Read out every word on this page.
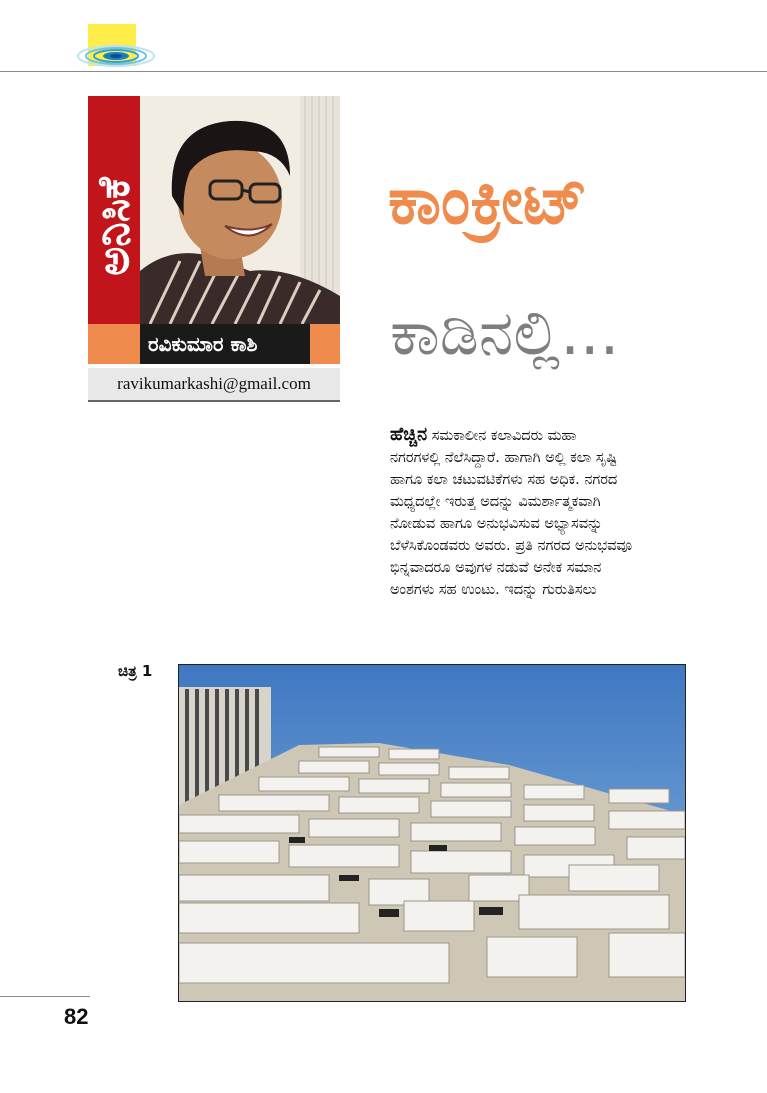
ಅನಿಸಿಕೆ
ರವಿಕುಮಾರ ಕಾಶಿ
ravikumarkashi@gmail.com
ಕಾಂಕ್ರೀಟ್
ಕಾಡಿನಲ್ಲಿ...
ಹೆಚ್ಚಿನ ಸಮಕಾಲೀನ ಕಲಾವಿದರು ಮಹಾ
ನಗರಗಳಲ್ಲಿ ನೆಲೆಸಿದ್ದಾರೆ. ಹಾಗಾಗಿ ಅಲ್ಲಿ ಕಲಾ ಸೃಷ್ಟಿ
ಹಾಗೂ ಕಲಾ ಚಟುವಟಿಕೆಗಳು ಸಹ ಅಧಿಕ. ನಗರದ
ಮಧ್ಯದಲ್ಲೇ ಇರುತ್ತ ಅದನ್ನು ವಿಮರ್ಶಾತ್ಮಕವಾಗಿ
ನೋಡುವ ಹಾಗೂ ಅನುಭವಿಸುವ ಅಭ್ಯಾಸವನ್ನು
ಬೆಳೆಸಿಕೊಂಡವರು ಅವರು. ಪ್ರತಿ ನಗರದ ಅನುಭವವೂ
ಭಿನ್ನವಾದರೂ ಅವುಗಳ ನಡುವೆ ಅನೇಕ ಸಮಾನ
ಅಂಶಗಳು ಸಹ ಉಂಟು. ಇದನ್ನು ಗುರುತಿಸಲು
ಚಿತ್ರ 1
82
